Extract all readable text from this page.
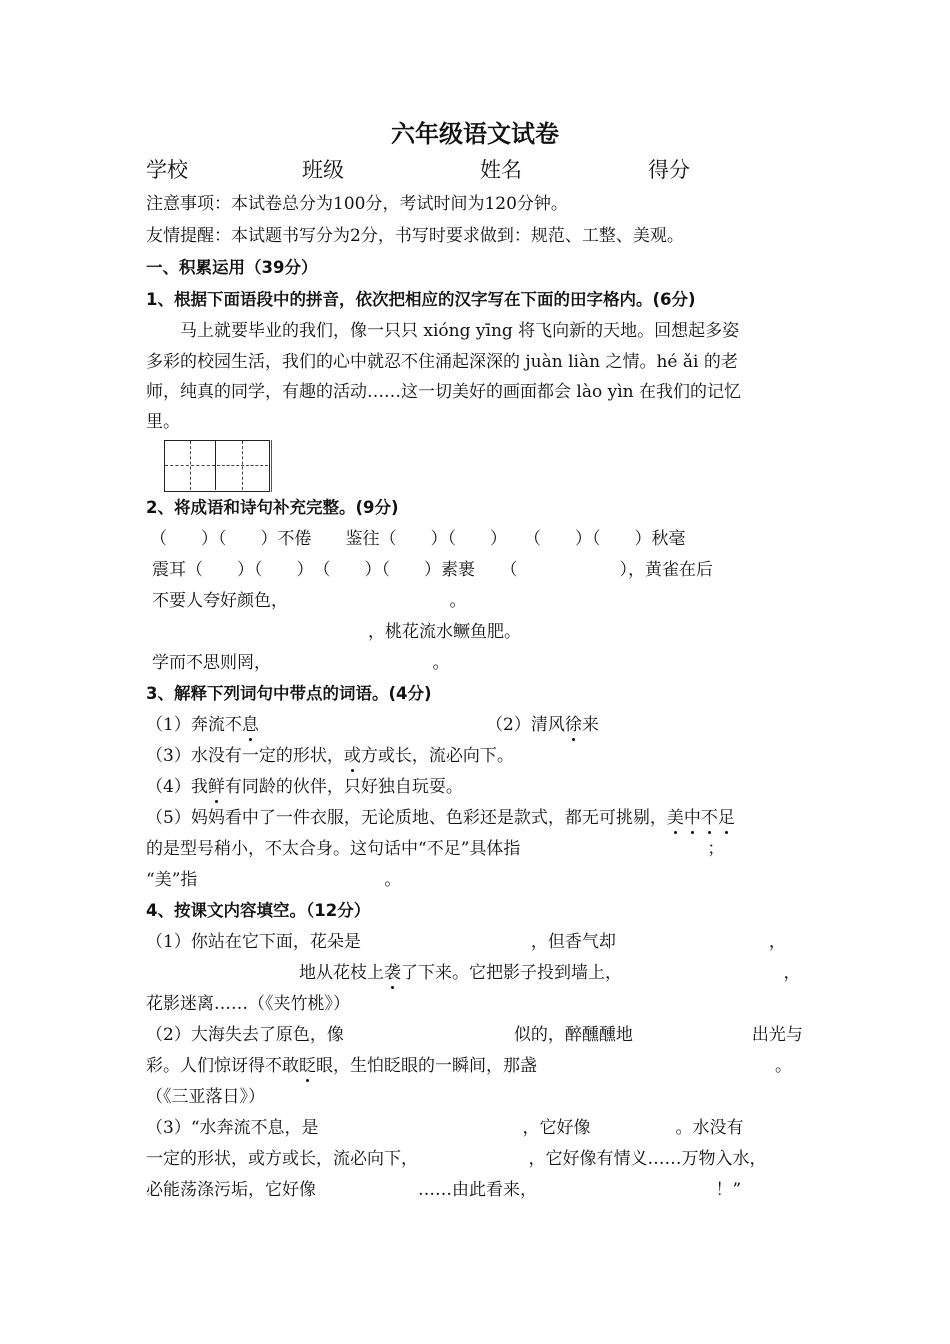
六年级语文试卷
学校	班级	姓名	得分
注意事项：本试卷总分为100分，考试时间为120分钟。
友情提醒：本试题书写分为2分，书写时要求做到：规范、工整、美观。
一、积累运用（39分）
1、根据下面语段中的拼音，依次把相应的汉字写在下面的田字格内。(6分)
马上就要毕业的我们，像一只只 xióng yīng 将飞向新的天地。回想起多姿
多彩的校园生活，我们的心中就忍不住涌起深深的 juàn liàn 之情。hé ǎi 的老
师，纯真的同学，有趣的活动……这一切美好的画面都会 lào yìn 在我们的记忆
里。
2、将成语和诗句补充完整。(9分)
（　　）（　　）不倦　　鉴往（　　）（　　）　　（　　）（　　）秋毫
震耳（　　）（　　）　（　　）（　　）素裹　　（　　　　　　），黄雀在后
不要人夸好颜色，　　　　　　　　　　。
，桃花流水鳜鱼肥。
学而不思则罔，　　　　　　　　　　。
3、解释下列词句中带点的词语。(4分)
（1）奔流不息	（2）清风徐来
（3）水没有一定的形状，或方或长，流必向下。
（4）我鲜有同龄的伙伴，只好独自玩耍。
（5）妈妈看中了一件衣服，无论质地、色彩还是款式，都无可挑剔，美中不足
的是型号稍小，不太合身。这句话中“不足”具体指　　　　　　　　　　　；
“美”指　　　　　　　　　　　。
4、按课文内容填空。（12分）
（1）你站在它下面，花朵是　　　　　　　　　　，但香气却　　　　　　　　　，
　　　　　　　　　地从花枝上袭了下来。它把影子投到墙上，　　　　　　　　　　，
花影迷离……（《夹竹桃》）
（2）大海失去了原色，像　　　　　　　　　　似的，醉醺醺地　　　　　　　出光与
彩。人们惊讶得不敢眨眼，生怕眨眼的一瞬间，那盏　　　　　　　　　　　　　　。
（《三亚落日》）
（3）“水奔流不息，是　　　　　　　　　　　　，它好像　　　　　。水没有
一定的形状，或方或长，流必向下，　　　　　　　，它好像有情义……万物入水，
必能荡涤污垢，它好像　　　　　　……由此看来，　　　　　　　　　　　！”
